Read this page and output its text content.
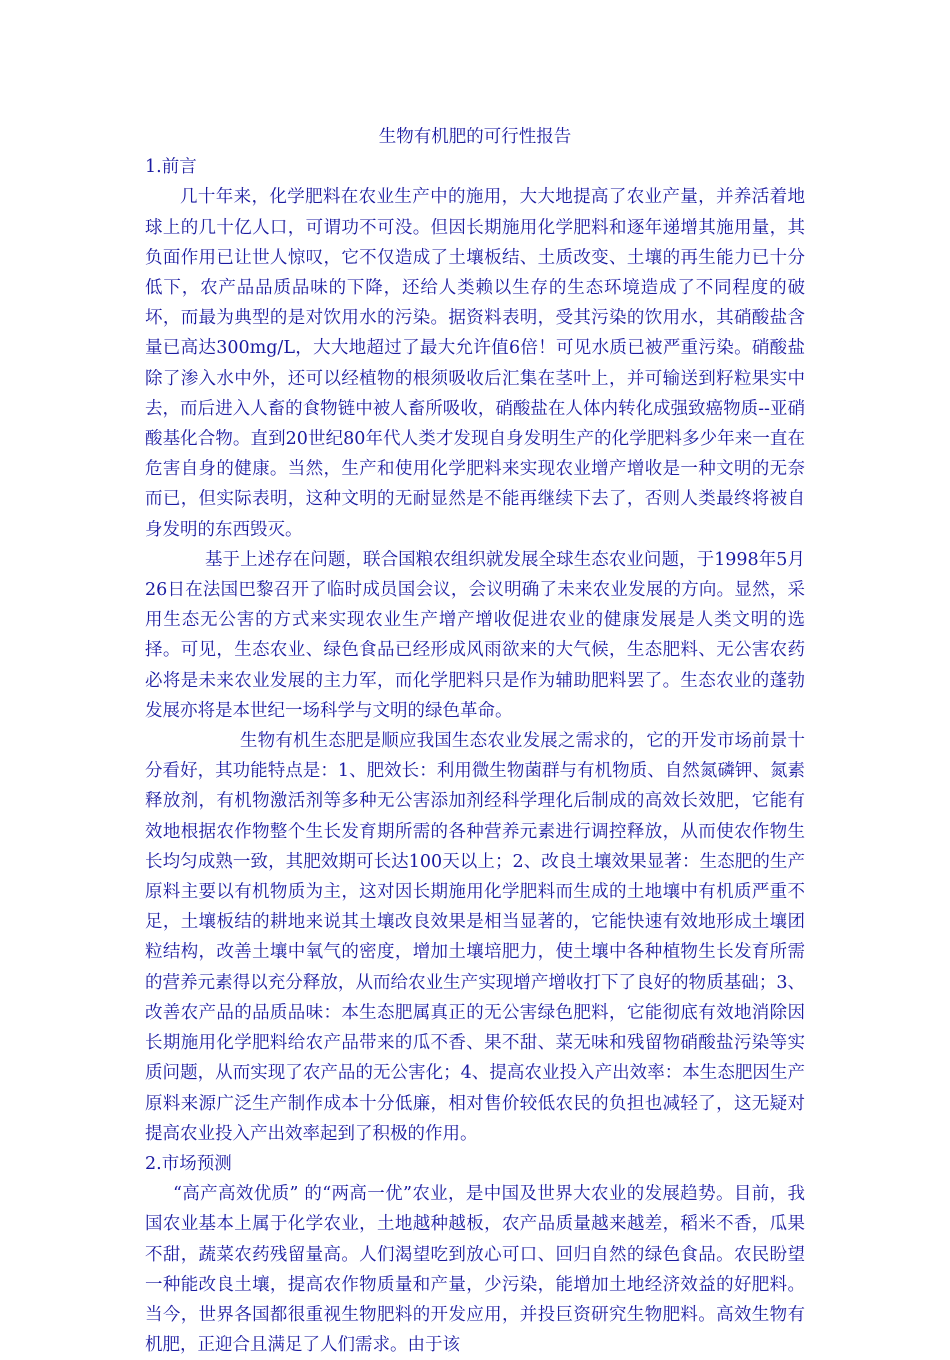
生物有机肥的可行性报告
1.前言

几十年来，化学肥料在农业生产中的施用，大大地提高了农业产量，并养活着地球上的几十亿人口，可谓功不可没。但因长期施用化学肥料和逐年递增其施用量，其负面作用已让世人惊叹，它不仅造成了土壤板结、土质改变、土壤的再生能力已十分低下，农产品品质品味的下降，还给人类赖以生存的生态环境造成了不同程度的破坏，而最为典型的是对饮用水的污染。据资料表明，受其污染的饮用水，其硝酸盐含量已高达300mg/L，大大地超过了最大允许值6倍！可见水质已被严重污染。硝酸盐除了渗入水中外，还可以经植物的根须吸收后汇集在茎叶上，并可输送到籽粒果实中去，而后进入人畜的食物链中被人畜所吸收，硝酸盐在人体内转化成强致癌物质--亚硝酸基化合物。直到20世纪80年代人类才发现自身发明生产的化学肥料多少年来一直在危害自身的健康。当然，生产和使用化学肥料来实现农业增产增收是一种文明的无奈而已，但实际表明，这种文明的无耐显然是不能再继续下去了，否则人类最终将被自身发明的东西毁灭。

基于上述存在问题，联合国粮农组织就发展全球生态农业问题，于1998年5月26日在法国巴黎召开了临时成员国会议，会议明确了未来农业发展的方向。显然，采用生态无公害的方式来实现农业生产增产增收促进农业的健康发展是人类文明的选择。可见，生态农业、绿色食品已经形成风雨欲来的大气候，生态肥料、无公害农药必将是未来农业发展的主力军，而化学肥料只是作为辅助肥料罢了。生态农业的蓬勃发展亦将是本世纪一场科学与文明的绿色革命。

生物有机生态肥是顺应我国生态农业发展之需求的，它的开发市场前景十分看好，其功能特点是：1、肥效长：利用微生物菌群与有机物质、自然氮磷钾、氮素释放剂，有机物激活剂等多种无公害添加剂经科学理化后制成的高效长效肥，它能有效地根据农作物整个生长发育期所需的各种营养元素进行调控释放，从而使农作物生长均匀成熟一致，其肥效期可长达100天以上；2、改良土壤效果显著：生态肥的生产原料主要以有机物质为主，这对因长期施用化学肥料而生成的土地壤中有机质严重不足，土壤板结的耕地来说其土壤改良效果是相当显著的，它能快速有效地形成土壤团粒结构，改善土壤中氧气的密度，增加土壤培肥力，使土壤中各种植物生长发育所需的营养元素得以充分释放，从而给农业生产实现增产增收打下了良好的物质基础；3、改善农产品的品质品味：本生态肥属真正的无公害绿色肥料，它能彻底有效地消除因长期施用化学肥料给农产品带来的瓜不香、果不甜、菜无味和残留物硝酸盐污染等实质问题，从而实现了农产品的无公害化；4、提高农业投入产出效率：本生态肥因生产原料来源广泛生产制作成本十分低廉，相对售价较低农民的负担也减轻了，这无疑对提高农业投入产出效率起到了积极的作用。

2.市场预测

“高产高效优质” 的“两高一优”农业，是中国及世界大农业的发展趋势。目前，我国农业基本上属于化学农业，土地越种越板，农产品质量越来越差，稻米不香，瓜果不甜，蔬菜农药残留量高。人们渴望吃到放心可口、回归自然的绿色食品。农民盼望一种能改良土壤，提高农作物质量和产量，少污染，能增加土地经济效益的好肥料。当今，世界各国都很重视生物肥料的开发应用，并投巨资研究生物肥料。高效生物有机肥，正迎合且满足了人们需求。由于该
